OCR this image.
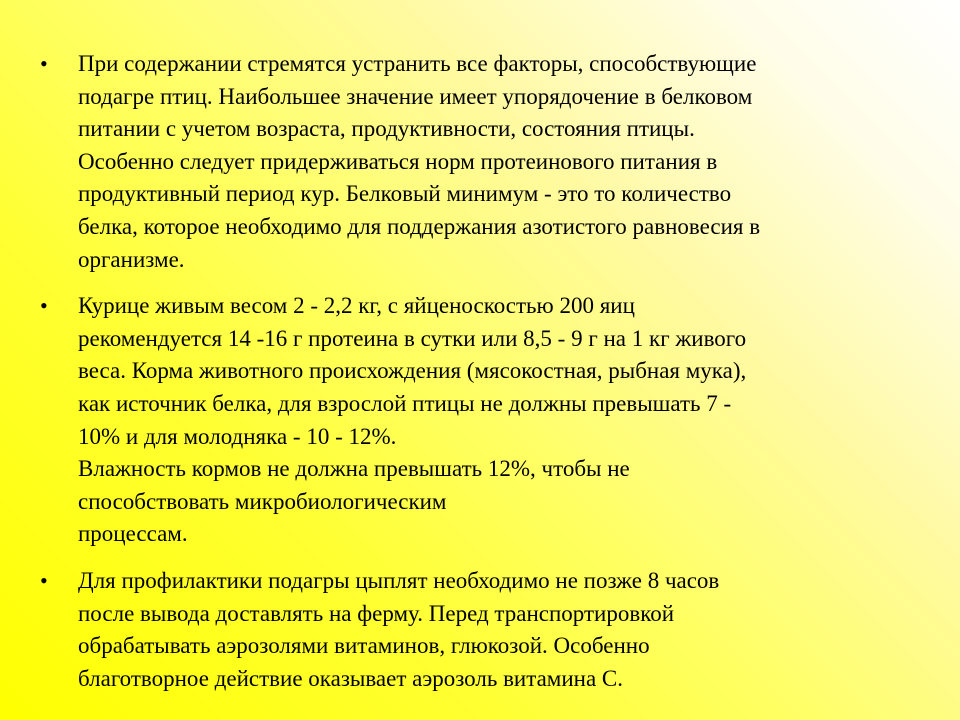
• При содержании стремятся устранить все факторы, способствующие
подагре птиц. Наибольшее значение имеет упорядочение в белковом
питании с учетом возраста, продуктивности, состояния птицы.
Особенно следует придерживаться норм протеинового питания в
продуктивный период кур. Белковый минимум - это то количество
белка, которое необходимо для поддержания азотистого равновесия в
организме.
• Курице живым весом 2 - 2,2 кг, с яйценоскостью 200 яиц
рекомендуется 14 -16 г протеина в сутки или 8,5 - 9 г на 1 кг живого
веса. Корма животного происхождения (мясокостная, рыбная мука),
как источник белка, для взрослой птицы не должны превышать 7 -
10% и для молодняка - 10 - 12%.
Влажность кормов не должна превышать 12%, чтобы не
способствовать микробиологическим
процессам.
• Для профилактики подагры цыплят необходимо не позже 8 часов
после вывода доставлять на ферму. Перед транспортировкой
обрабатывать аэрозолями витаминов, глюкозой. Особенно
благотворное действие оказывает аэрозоль витамина С.
